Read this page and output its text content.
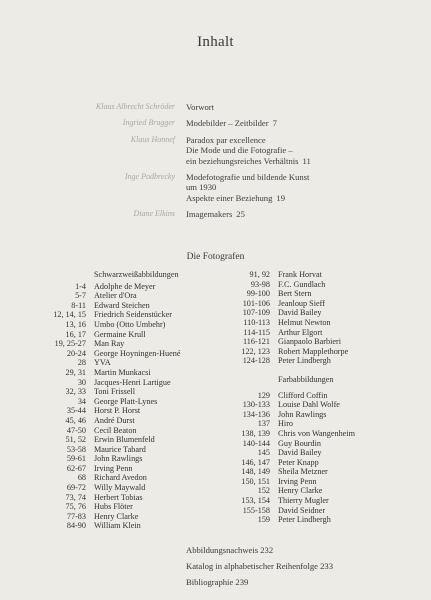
Inhalt
Klaus Albrecht Schröder Vorwort
Ingried Brugger Modebilder – Zeitbilder 7
Klaus Honnef Paradox par excellence
Die Mode und die Fotografie –
ein beziehungsreiches Verhältnis 11
Inge Podbrecky Modefotografie und bildende Kunst
um 1930
Aspekte einer Beziehung 19
Diane Elkins Imagemakers 25
Die Fotografen
Schwarzweißabbildungen
1-4 Adolphe de Meyer
5-7 Atelier d'Ora
8-11 Edward Steichen
12, 14, 15 Friedrich Seidenstücker
13, 16 Umbo (Otto Umbehr)
16, 17 Germaine Krull
19, 25-27 Man Ray
20-24 George Hoyningen-Huené
28 YVA
29, 31 Martin Munkacsi
30 Jacques-Henri Lartigue
32, 33 Toni Frissell
34 George Platt-Lynes
35-44 Horst P. Horst
45, 46 André Durst
47-50 Cecil Beaton
51, 52 Erwin Blumenfeld
53-58 Maurice Tabard
59-61 John Rawlings
62-67 Irving Penn
68 Richard Avedon
69-72 Willy Maywald
73, 74 Herbert Tobias
75, 76 Hubs Flöter
77-83 Henry Clarke
84-90 William Klein
91, 92 Frank Horvat
93-98 F.C. Gundlach
99-100 Bert Stern
101-106 Jeanloup Sieff
107-109 David Bailey
110-113 Helmut Newton
114-115 Arthur Elgort
116-121 Gianpaolo Barbieri
122, 123 Robert Mapplethorpe
124-128 Peter Lindbergh
Farbabbildungen
129 Clifford Coffin
130-133 Louise Dahl Wolfe
134-136 John Rawlings
137 Hiro
138, 139 Chris von Wangenheim
140-144 Guy Bourdin
145 David Bailey
146, 147 Peter Knapp
148, 149 Sheila Metzner
150, 151 Irving Penn
152 Henry Clarke
153, 154 Thierry Mugler
155-158 David Seidner
159 Peter Lindbergh
Abbildungsnachweis 232
Katalog in alphabetischer Reihenfolge 233
Bibliographie 239
